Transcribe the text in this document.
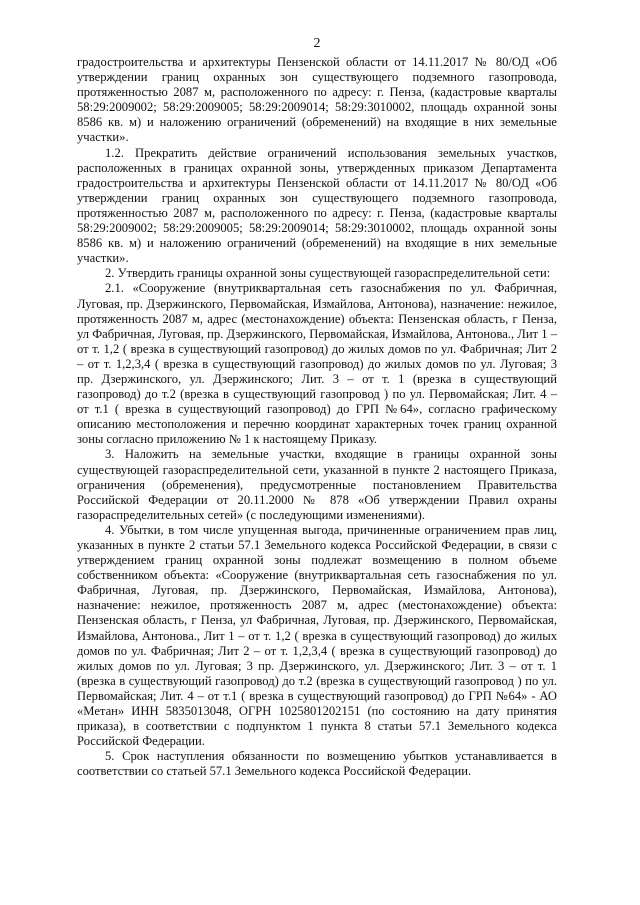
2

градостроительства и архитектуры Пензенской области от 14.11.2017 № 80/ОД «Об утверждении границ охранных зон существующего подземного газопровода, протяженностью 2087 м, расположенного по адресу: г. Пенза, (кадастровые кварталы 58:29:2009002; 58:29:2009005; 58:29:2009014; 58:29:3010002, площадь охранной зоны 8586 кв. м) и наложению ограничений (обременений) на входящие в них земельные участки».

1.2. Прекратить действие ограничений использования земельных участков, расположенных в границах охранной зоны, утвержденных приказом Департамента градостроительства и архитектуры Пензенской области от 14.11.2017 № 80/ОД «Об утверждении границ охранных зон существующего подземного газопровода, протяженностью 2087 м, расположенного по адресу: г. Пенза, (кадастровые кварталы 58:29:2009002; 58:29:2009005; 58:29:2009014; 58:29:3010002, площадь охранной зоны 8586 кв. м) и наложению ограничений (обременений) на входящие в них земельные участки».

2. Утвердить границы охранной зоны существующей газораспределительной сети:

2.1. «Сооружение (внутриквартальная сеть газоснабжения по ул. Фабричная, Луговая, пр. Дзержинского, Первомайская, Измайлова, Антонова), назначение: нежилое, протяженность 2087 м, адрес (местонахождение) объекта: Пензенская область, г Пенза, ул Фабричная, Луговая, пр. Дзержинского, Первомайская, Измайлова, Антонова., Лит 1 – от т. 1,2 ( врезка в существующий газопровод) до жилых домов по ул. Фабричная; Лит 2 – от т. 1,2,3,4 ( врезка в существующий газопровод) до жилых домов по ул. Луговая; 3 пр. Дзержинского, ул. Дзержинского; Лит. 3 – от т. 1 (врезка в существующий газопровод) до т.2 (врезка в существующий газопровод ) по ул. Первомайская; Лит. 4 – от т.1 ( врезка в существующий газопровод) до ГРП №64», согласно графическому описанию местоположения и перечню координат характерных точек границ охранной зоны согласно приложению № 1 к настоящему Приказу.

3. Наложить на земельные участки, входящие в границы охранной зоны существующей газораспределительной сети, указанной в пункте 2 настоящего Приказа, ограничения (обременения), предусмотренные постановлением Правительства Российской Федерации от 20.11.2000 № 878 «Об утверждении Правил охраны газораспределительных сетей» (с последующими изменениями).

4. Убытки, в том числе упущенная выгода, причиненные ограничением прав лиц, указанных в пункте 2 статьи 57.1 Земельного кодекса Российской Федерации, в связи с утверждением границ охранной зоны подлежат возмещению в полном объеме собственником объекта: «Сооружение (внутриквартальная сеть газоснабжения по ул. Фабричная, Луговая, пр. Дзержинского, Первомайская, Измайлова, Антонова), назначение: нежилое, протяженность 2087 м, адрес (местонахождение) объекта: Пензенская область, г Пенза, ул Фабричная, Луговая, пр. Дзержинского, Первомайская, Измайлова, Антонова., Лит 1 – от т. 1,2 ( врезка в существующий газопровод) до жилых домов по ул. Фабричная; Лит 2 – от т. 1,2,3,4 ( врезка в существующий газопровод) до жилых домов по ул. Луговая; 3 пр. Дзержинского, ул. Дзержинского; Лит. 3 – от т. 1 (врезка в существующий газопровод) до т.2 (врезка в существующий газопровод ) по ул. Первомайская; Лит. 4 – от т.1 ( врезка в существующий газопровод) до ГРП №64» - АО «Метан» ИНН 5835013048, ОГРН 1025801202151 (по состоянию на дату принятия приказа), в соответствии с подпунктом 1 пункта 8 статьи 57.1 Земельного кодекса Российской Федерации.

5. Срок наступления обязанности по возмещению убытков устанавливается в соответствии со статьей 57.1 Земельного кодекса Российской Федерации.
